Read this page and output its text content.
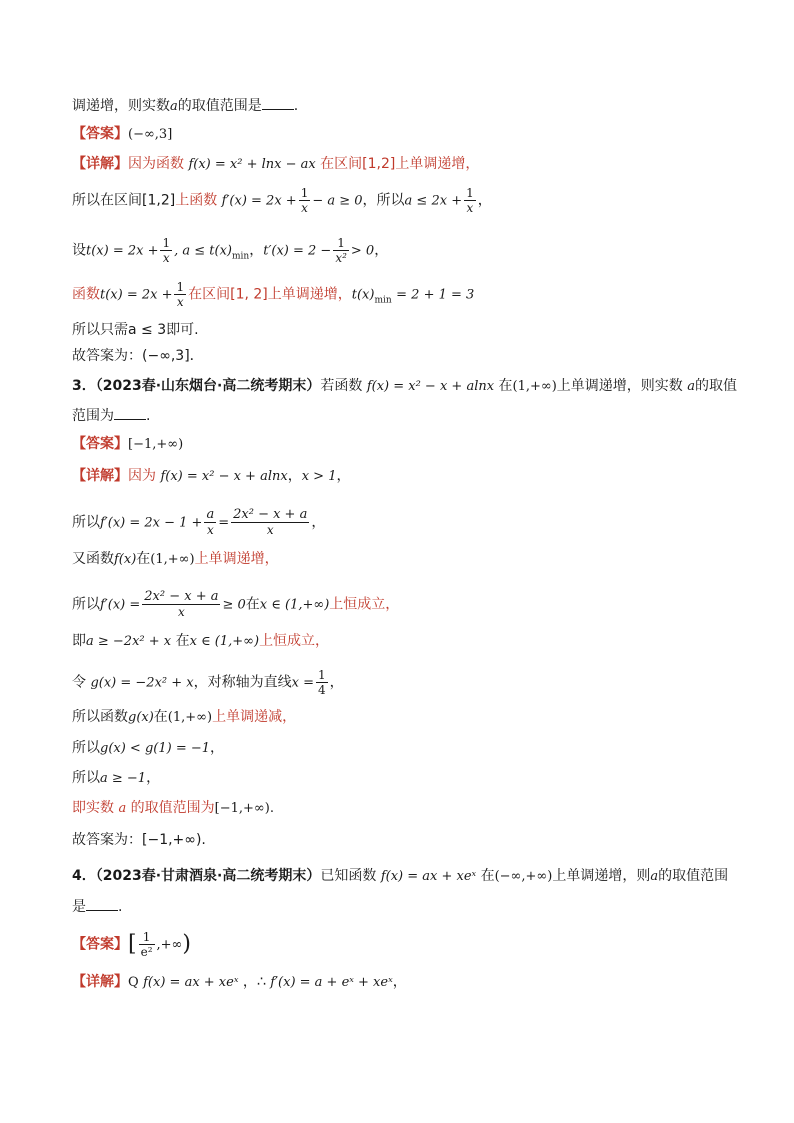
调递增，则实数a的取值范围是 .
【答案】(−∞,3]
【详解】因为函数 f(x) = x² + lnx − ax 在区间[1,2]上单调递增，
所以在区间[1,2]上函数 $f'(x) = 2x + \frac{1}{x} - a \ge 0$，所以$a \le 2x + \frac{1}{x}$ ，
设$t(x) = 2x + \frac{1}{x}$ , $a \le t(x)_{min}$，$t'(x) = 2 - \frac{1}{\text{x²}} > 0$，
函数$t(x) = 2x + \frac{1}{x}$ 在区间[1, 2]上单调递增，$t(x)_{min} = 2 + 1 = 3$
所以只需a ≤ 3即可.
故答案为：(−∞,3]．
3．（2023春·山东烟台·高二统考期末）若函数 f(x) = x² − x + alnx 在(1,+∞)上单调递增，则实数 a的取值
范围为 .
【答案】[−1,+∞)
【详解】因为 f(x) = x² − x + alnx，x > 1，
所以$f'(x) = 2x - 1 + \frac{a}{x} = \frac{\text{2x² − x + a}}{x}$ ，
又函数f(x)在(1,+∞)上单调递增，
所以$f'(x) = \frac{\text{2x² − x + a}}{x} \ge 0$在x ∈ (1,+∞)上恒成立，
即a ≥ −2x² + x 在x ∈ (1,+∞)上恒成立，
令 g(x) = −2x² + x，对称轴为直线$x = \frac{1}{4}$ ，
所以函数g(x)在(1,+∞)上单调递减，
所以g(x) < g(1) = −1，
所以a ≥ −1，
即实数 a 的取值范围为[−1,+∞).
故答案为：[−1,+∞).
4．（2023春·甘肃酒泉·高二统考期末）已知函数 f(x) = ax + xeˣ 在(−∞,+∞)上单调递增，则a的取值范围
是 .
【答案】[ $\frac{1}{\text{e²}}$ ,+∞)
【详解】Q f(x) = ax + xeˣ ，∴ f′(x) = a + eˣ + xeˣ，
